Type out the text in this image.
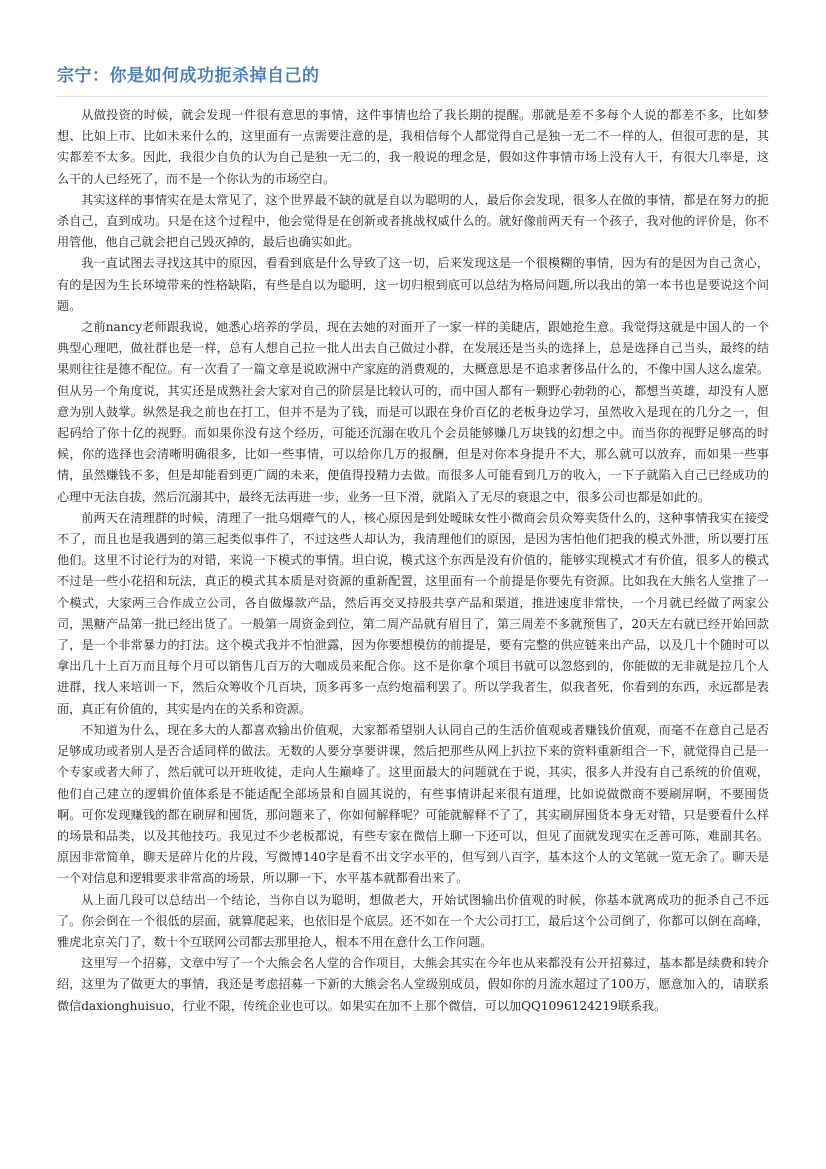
宗宁：你是如何成功扼杀掉自己的

从做投资的时候，就会发现一件很有意思的事情，这件事情也给了我长期的提醒。那就是差不多每个人说的都差不多，比如梦想、比如上市、比如未来什么的，这里面有一点需要注意的是，我相信每个人都觉得自己是独一无二不一样的人，但很可悲的是，其实都差不太多。因此，我很少自负的认为自己是独一无二的，我一般说的理念是，假如这件事情市场上没有人干，有很大几率是，这么干的人已经死了，而不是一个你认为的市场空白。

其实这样的事情实在是太常见了，这个世界最不缺的就是自以为聪明的人，最后你会发现，很多人在做的事情，都是在努力的扼杀自己，直到成功。只是在这个过程中，他会觉得是在创新或者挑战权威什么的。就好像前两天有一个孩子，我对他的评价是，你不用管他，他自己就会把自己毁灭掉的，最后也确实如此。

我一直试图去寻找这其中的原因，看看到底是什么导致了这一切，后来发现这是一个很模糊的事情，因为有的是因为自己贪心，有的是因为生长环境带来的性格缺陷，有些是自以为聪明，这一切归根到底可以总结为格局问题,所以我出的第一本书也是要说这个问题。

之前nancy老师跟我说，她悉心培养的学员，现在去她的对面开了一家一样的美睫店，跟她抢生意。我觉得这就是中国人的一个典型心理吧，做社群也是一样，总有人想自己拉一批人出去自己做过小群，在发展还是当头的选择上，总是选择自己当头，最终的结果则往往是德不配位。有一次看了一篇文章是说欧洲中产家庭的消费观的，大概意思是不追求奢侈品什么的，不像中国人这么虚荣。但从另一个角度说，其实还是成熟社会大家对自己的阶层是比较认可的，而中国人都有一颗野心勃勃的心，都想当英雄，却没有人愿意为别人鼓掌。纵然是我之前也在打工，但并不是为了钱，而是可以跟在身价百亿的老板身边学习，虽然收入是现在的几分之一，但起码给了你十亿的视野。而如果你没有这个经历，可能还沉溺在收几个会员能够赚几万块钱的幻想之中。而当你的视野足够高的时候，你的选择也会清晰明确很多，比如一些事情，可以给你几万的报酬，但是对你本身提升不大，那么就可以放弃，而如果一些事情，虽然赚钱不多，但是却能看到更广阔的未来，便值得投精力去做。而很多人可能看到几万的收入，一下子就陷入自己已经成功的心理中无法自拔，然后沉溺其中，最终无法再进一步，业务一旦下滑，就陷入了无尽的衰退之中，很多公司也都是如此的。

前两天在清理群的时候，清理了一批乌烟瘴气的人，核心原因是到处暧昧女性小微商会员众筹卖货什么的，这种事情我实在接受不了，而且也是我遇到的第三起类似事件了，不过这些人却认为，我清理他们的原因，是因为害怕他们把我的模式外泄，所以要打压他们。这里不讨论行为的对错，来说一下模式的事情。坦白说，模式这个东西是没有价值的，能够实现模式才有价值，很多人的模式不过是一些小花招和玩法，真正的模式其本质是对资源的重新配置，这里面有一个前提是你要先有资源。比如我在大熊名人堂推了一个模式，大家两三合作成立公司，各自做爆款产品，然后再交叉持股共享产品和渠道，推进速度非常快，一个月就已经做了两家公司，黑糖产品第一批已经出货了。一般第一周资金到位，第二周产品就有眉目了，第三周差不多就预售了，20天左右就已经开始回款了，是一个非常暴力的打法。这个模式我并不怕泄露，因为你要想模仿的前提是，要有完整的供应链来出产品，以及几十个随时可以拿出几十上百万而且每个月可以销售几百万的大咖成员来配合你。这不是你拿个项目书就可以忽悠到的，你能做的无非就是拉几个人进群，找人来培训一下，然后众筹收个几百块，顶多再多一点约炮福利罢了。所以学我者生，似我者死，你看到的东西，永远都是表面，真正有价值的，其实是内在的关系和资源。

不知道为什么，现在多大的人都喜欢输出价值观，大家都希望别人认同自己的生活价值观或者赚钱价值观，而毫不在意自己是否足够成功或者别人是否合适同样的做法。无数的人要分享要讲课，然后把那些从网上扒拉下来的资料重新组合一下，就觉得自己是一个专家或者大师了，然后就可以开班收徒，走向人生巅峰了。这里面最大的问题就在于说，其实，很多人并没有自己系统的价值观，他们自己建立的逻辑价值体系是不能适配全部场景和自圆其说的，有些事情讲起来很有道理，比如说做微商不要刷屏啊，不要囤货啊。可你发现赚钱的都在刷屏和囤货，那问题来了，你如何解释呢？可能就解释不了了，其实刷屏囤货本身无对错，只是要看什么样的场景和品类，以及其他技巧。我见过不少老板都说，有些专家在微信上聊一下还可以，但见了面就发现实在乏善可陈，难副其名。原因非常简单，聊天是碎片化的片段，写微博140字是看不出文字水平的，但写到八百字，基本这个人的文笔就一览无余了。聊天是一个对信息和逻辑要求非常高的场景，所以聊一下，水平基本就都看出来了。

从上面几段可以总结出一个结论，当你自以为聪明，想做老大，开始试图输出价值观的时候，你基本就离成功的扼杀自己不远了。你会倒在一个很低的层面，就算爬起来，也依旧是个底层。还不如在一个大公司打工，最后这个公司倒了，你都可以倒在高峰，雅虎北京关门了，数十个互联网公司都去那里抢人，根本不用在意什么工作问题。

这里写一个招募，文章中写了一个大熊会名人堂的合作项目，大熊会其实在今年也从来都没有公开招募过，基本都是续费和转介绍，这里为了做更大的事情，我还是考虑招募一下新的大熊会名人堂级别成员，假如你的月流水超过了100万，愿意加入的，请联系微信daxionghuisuo，行业不限，传统企业也可以。如果实在加不上那个微信，可以加QQ1096124219联系我。
